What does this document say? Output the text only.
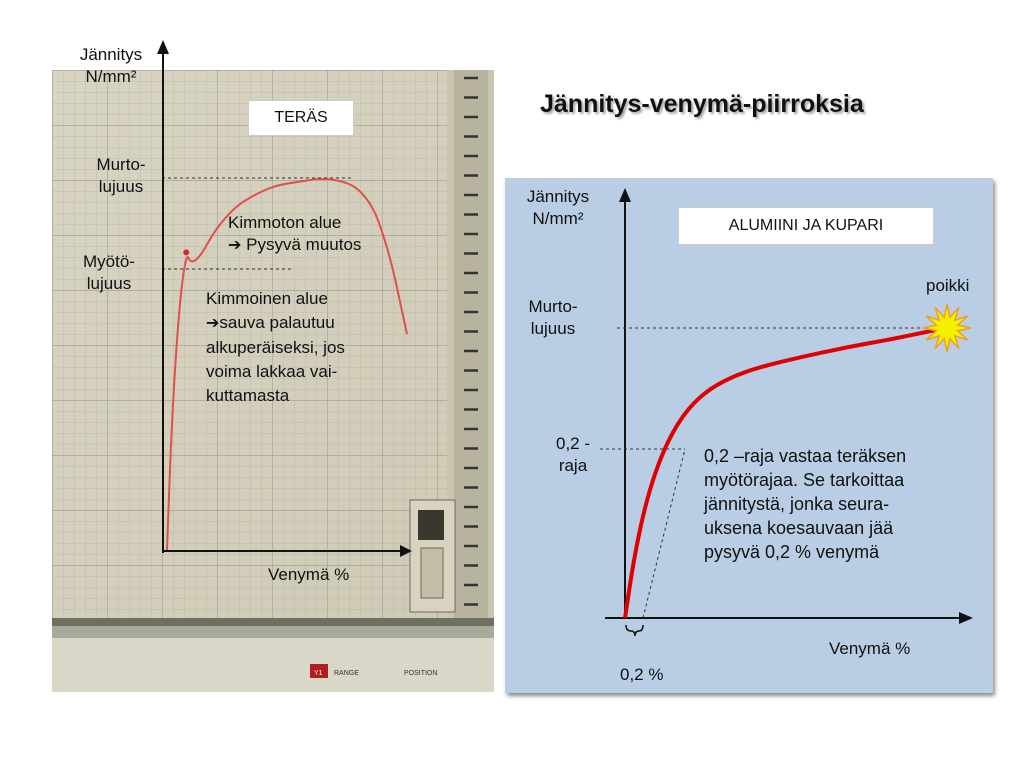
Y1 RANGE	POSITION
Jännitys
N/mm²
TERÄS
Murto-
lujuus
Myötö-
lujuus
Kimmoton alue
➔ Pysyvä muutos
Kimmoinen alue
➔sauva palautuu
alkuperäiseksi, jos
voima lakkaa vai-
kuttamasta
Venymä %
Jännitys-venymä-piirroksia
Jännitys
N/mm²	ALUMIINI JA KUPARI
poikki
Murto-
lujuus
0,2 -
raja	0,2 –raja vastaa teräksen
myötörajaa. Se tarkoittaa
jännitystä, jonka seura-
uksena koesauvaan jää
pysyvä 0,2 % venymä
Venymä %
0,2 %
